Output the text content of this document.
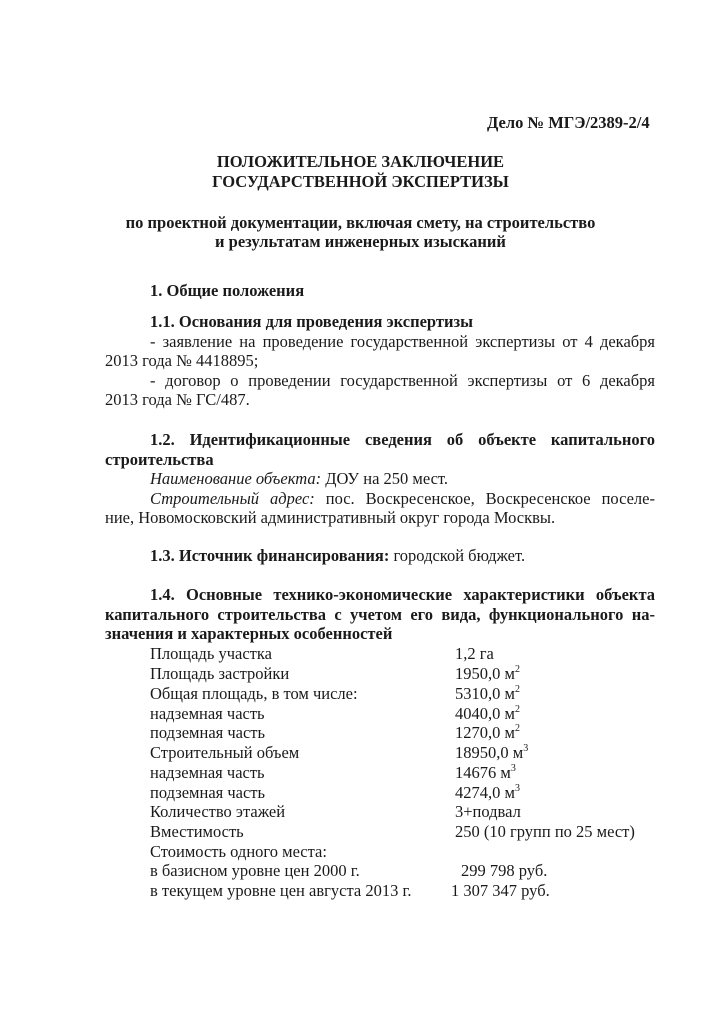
Дело № МГЭ/2389-2/4
ПОЛОЖИТЕЛЬНОЕ ЗАКЛЮЧЕНИЕ
ГОСУДАРСТВЕННОЙ ЭКСПЕРТИЗЫ
по проектной документации, включая смету, на строительство
и результатам инженерных изысканий
1. Общие положения
1.1. Основания для проведения экспертизы
- заявление на проведение государственной экспертизы от 4 декабря
2013 года № 4418895;
- договор о проведении государственной экспертизы от 6 декабря
2013 года № ГС/487.
1.2. Идентификационные сведения об объекте капитального
строительства
Наименование объекта: ДОУ на 250 мест.
Строительный адрес: пос. Воскресенское, Воскресенское поселе-
ние, Новомосковский административный округ города Москвы.
1.3. Источник финансирования: городской бюджет.
1.4. Основные технико-экономические характеристики объекта
капитального строительства с учетом его вида, функционального на-
значения и характерных особенностей
Площадь участка	1,2 га
Площадь застройки	1950,0 $м^2$
Общая площадь, в том числе:	5310,0 $м^2$
надземная часть	4040,0 $м^2$
подземная часть	1270,0 $м^2$
Строительный объем	18950,0 $м^3$
надземная часть	14676 $м^3$
подземная часть	4274,0 $м^3$
Количество этажей	3+подвал
Вместимость	250 (10 групп по 25 мест)
Стоимость одного места:
в базисном уровне цен 2000 г.	299 798 руб.
в текущем уровне цен августа 2013 г. 1 307 347 руб.
